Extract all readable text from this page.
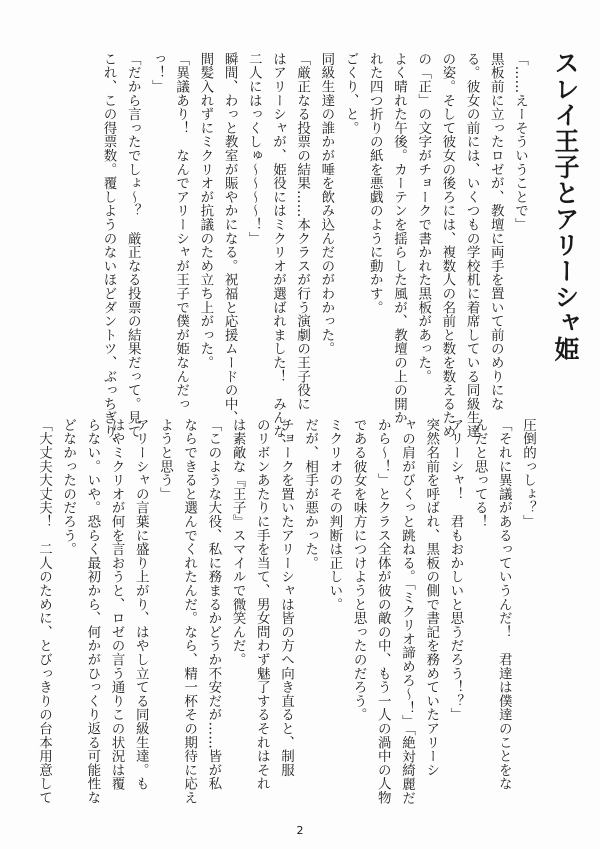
スレイ王子とアリーシャ姫
「……えーそういうことで」
黒板前に立ったロゼが、教壇に両手を置いて前のめりにな
る。彼女の前には、いくつもの学校机に着席している同級生達
の姿。そして彼女の後ろには、複数人の名前と数を数えるため
の「正」の文字がチョークで書かれた黒板があった。
よく晴れた午後。カーテンを揺らした風が、教壇の上の開か
れた四つ折りの紙を悪戯のように動かす。
ごくり、と。
同級生達の誰かが唾を飲み込んだのがわかった。
「厳正なる投票の結果……本クラスが行う演劇の王子役に
はアリーシャが、姫役にはミクリオが選ばれました！　みんな、
二人にはっくしゅ〜〜〜〜！」
瞬間、わっと教室が賑やかになる。祝福と応援ムードの中、
間髪入れずにミクリオが抗議のため立ち上がった。
「異議あり！　なんでアリーシャが王子で僕が姫なんだっ
っ！」
「だから言ったでしょ〜？　厳正なる投票の結果だって。見て
これ、この得票数。覆しようのないほどダントツ、ぶっちぎり、
圧倒的っしょ？」
「それに異議があるっていうんだ！　君達は僕達のことをな
んだと思ってる！
アリーシャ！　君もおかしいと思うだろう！？」
突然名前を呼ばれ、黒板の側で書記を務めていたアリーシ
ャの肩がびくっと跳ねる。「ミクリオ諦めろ〜！」「絶対綺麗だ
から〜！」とクラス全体が彼の敵の中、もう一人の渦中の人物
である彼女を味方につけようと思ったのだろう。
ミクリオのその判断は正しい。
だが、相手が悪かった。
チョークを置いたアリーシャは皆の方へ向き直ると、制服
のリボンあたりに手を当て、男女問わず魅了するそれはそれ
は素敵な『王子』スマイルで微笑んだ。
「このような大役、私に務まるかどうか不安だが……皆が私
ならできると選んでくれたんだ。なら、精一杯その期待に応え
ようと思う」
アリーシャの言葉に盛り上がり、はやし立てる同級生達。も
はやミクリオが何を言おうと、ロゼの言う通りこの状況は覆
らない。いや。恐らく最初から、何かがひっくり返る可能性な
どなかったのだろう。
「大丈夫大丈夫！　二人のために、とびっきりの台本用意して
2
